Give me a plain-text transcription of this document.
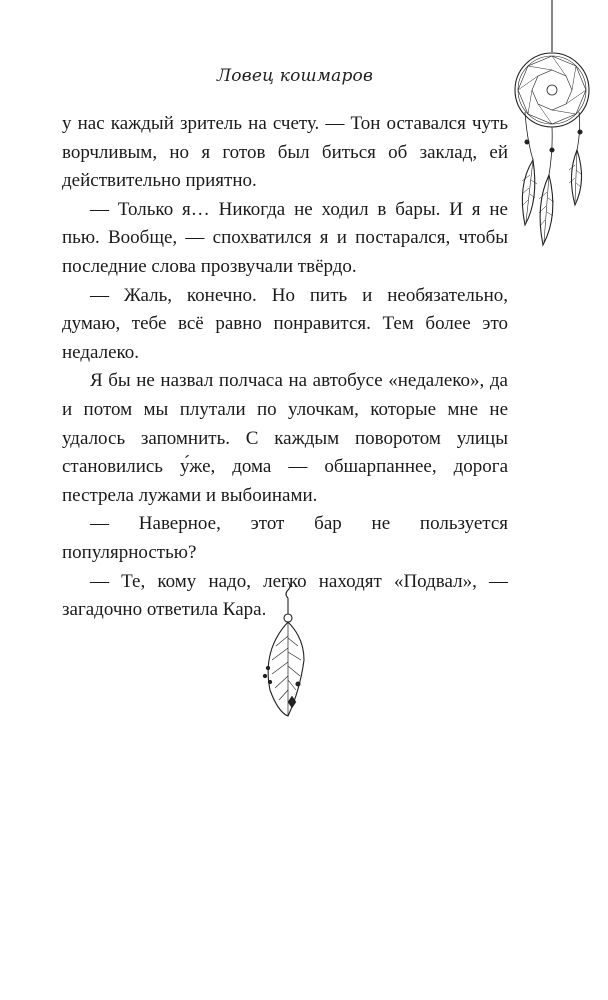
Ловец кошмаров

у нас каждый зритель на счету. — Тон оставался чуть ворчливым, но я готов был биться об заклад, ей действительно приятно.

— Только я… Никогда не ходил в бары. И я не пью. Вообще, — спохватился я и постарался, чтобы последние слова прозвучали твёрдо.

— Жаль, конечно. Но пить и необязательно, думаю, тебе всё равно понравится. Тем более это недалеко.

Я бы не назвал полчаса на автобусе «недалеко», да и потом мы плутали по улочкам, которые мне не удалось запомнить. С каждым поворотом улицы становились у́же, дома — обшарпаннее, дорога пестрела лужами и выбоинами.

— Наверное, этот бар не пользуется популярностью?

— Те, кому надо, легко находят «Подвал», — загадочно ответила Кара.
